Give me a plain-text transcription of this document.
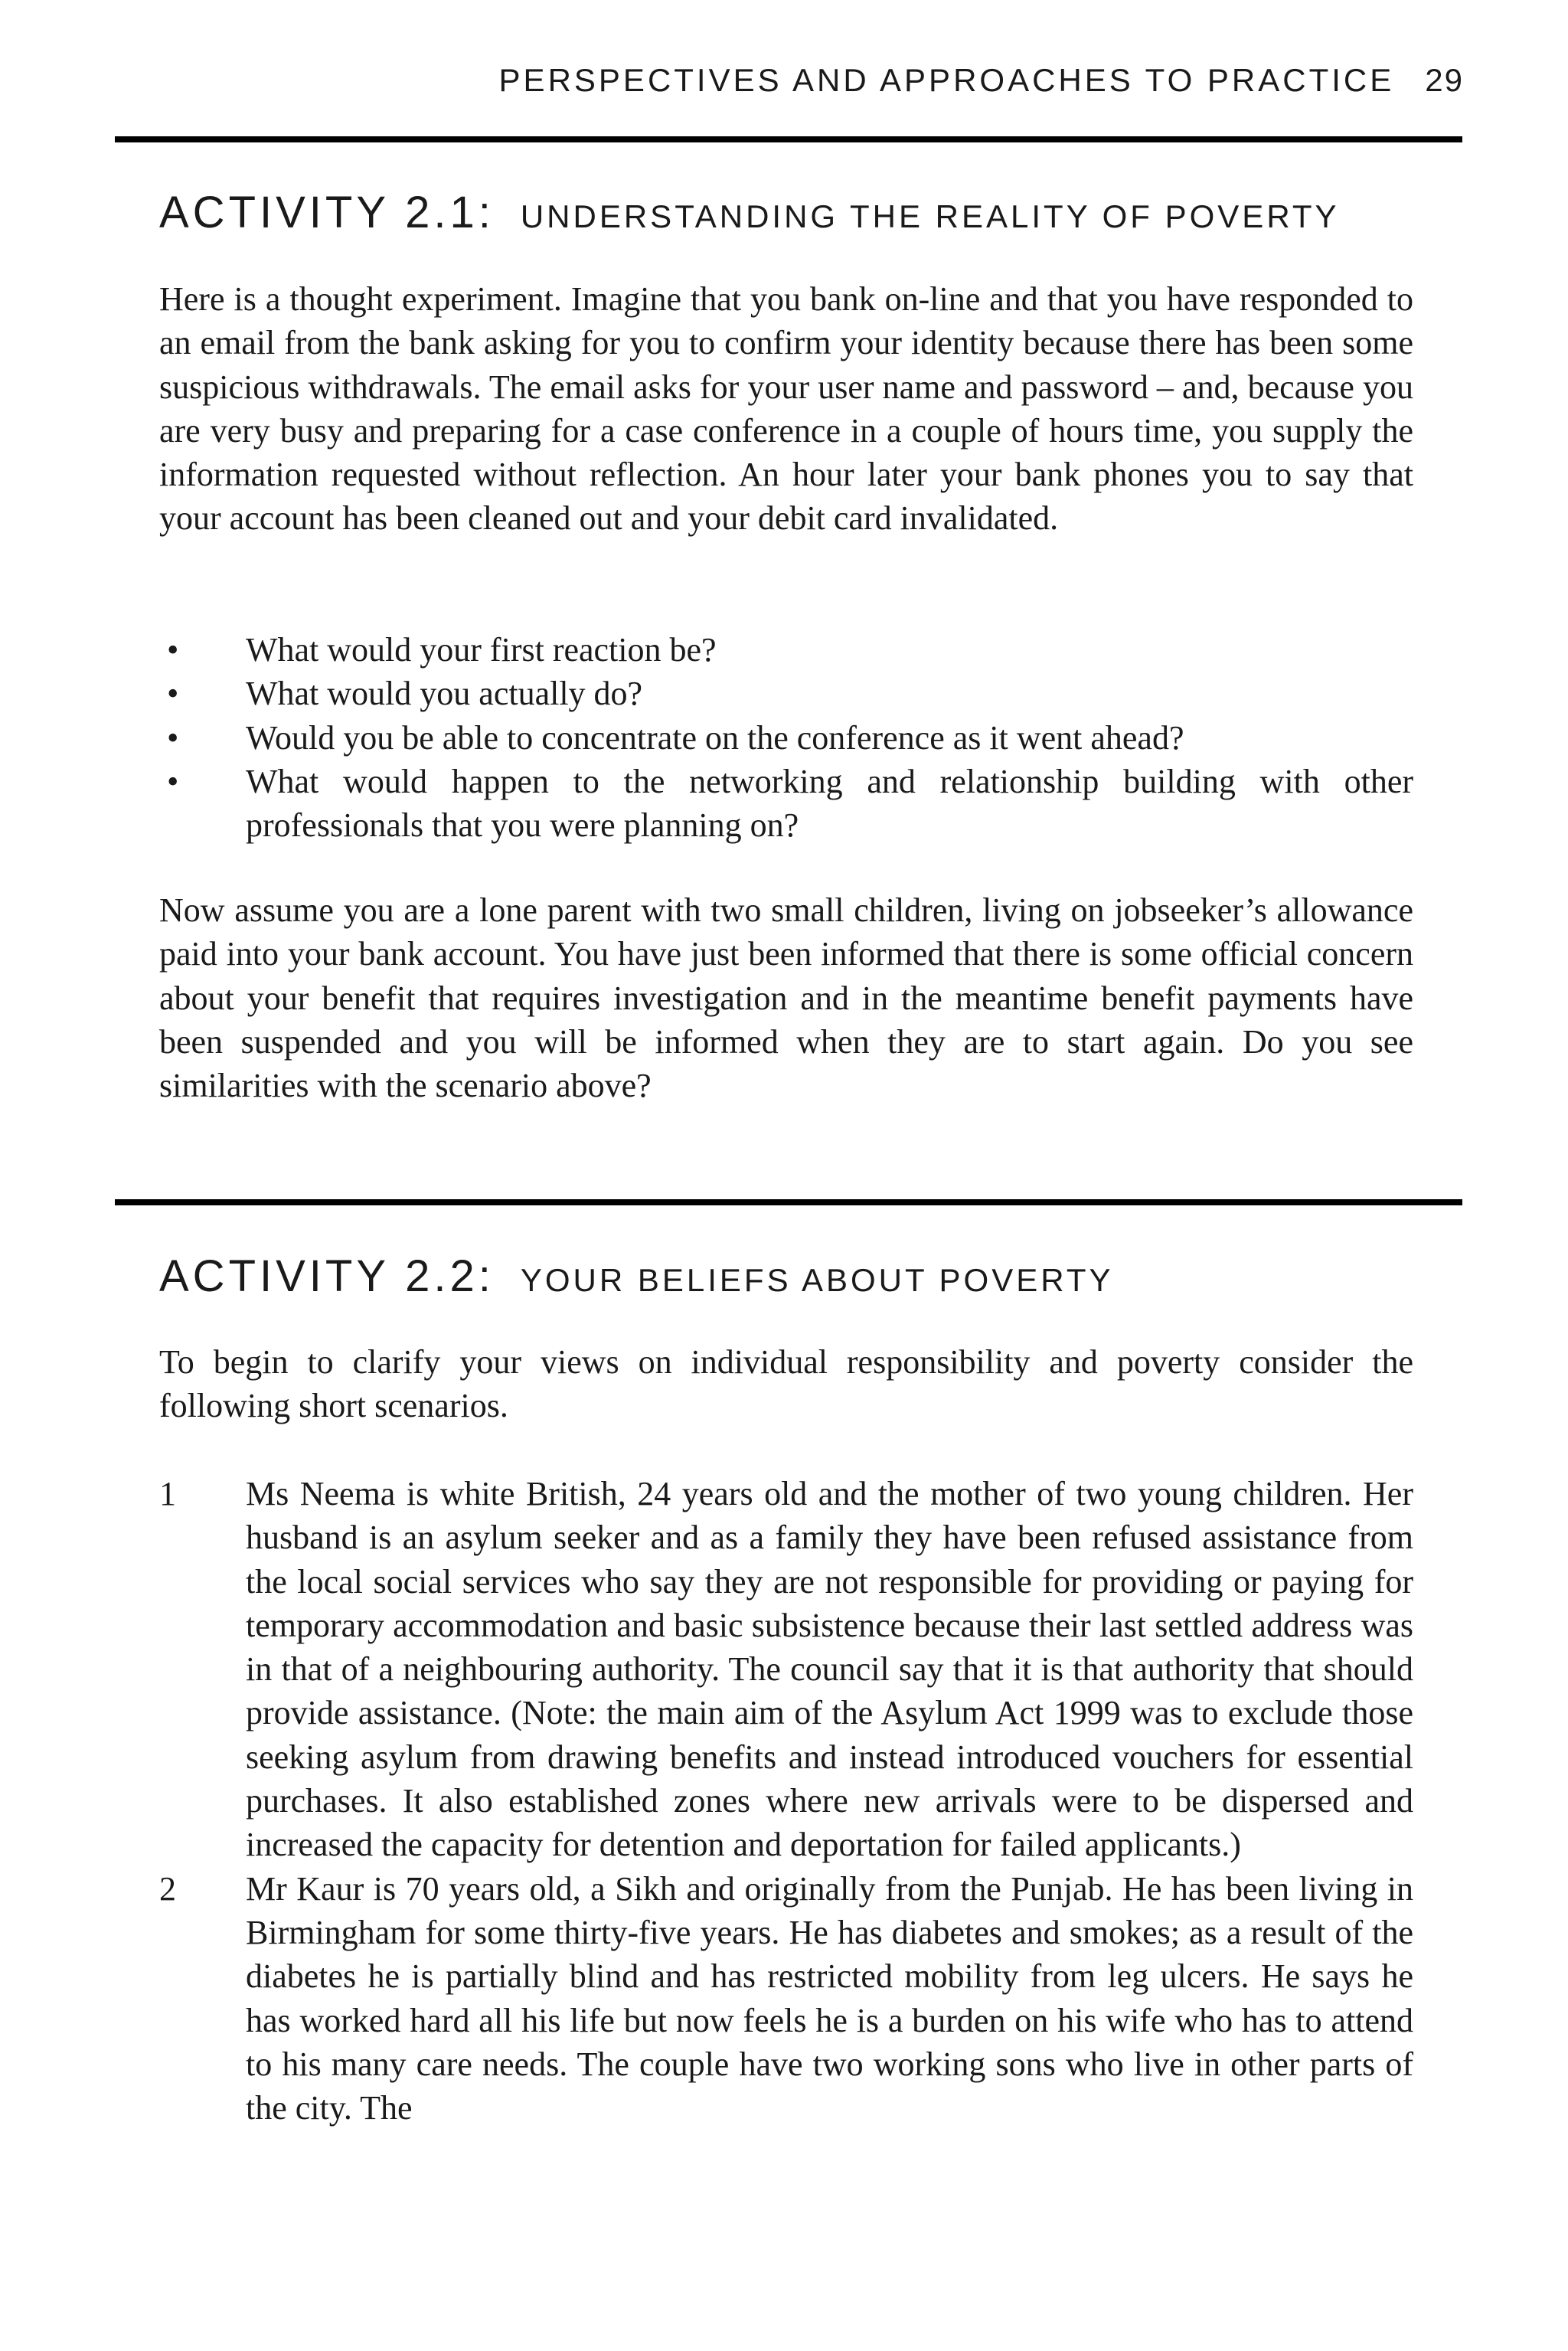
PERSPECTIVES AND APPROACHES TO PRACTICE 29
ACTIVITY 2.1: UNDERSTANDING THE REALITY OF POVERTY

Here is a thought experiment. Imagine that you bank on-line and that you have responded to an email from the bank asking for you to confirm your identity because there has been some suspicious withdrawals. The email asks for your user name and password – and, because you are very busy and preparing for a case conference in a couple of hours time, you supply the information requested without reflection. An hour later your bank phones you to say that your account has been cleaned out and your debit card invalidated.

• What would your first reaction be?
• What would you actually do?
• Would you be able to concentrate on the conference as it went ahead?
• What would happen to the networking and relationship building with other professionals that you were planning on?

Now assume you are a lone parent with two small children, living on jobseeker’s allowance paid into your bank account. You have just been informed that there is some official concern about your benefit that requires investigation and in the meantime benefit payments have been suspended and you will be informed when they are to start again. Do you see similarities with the scenario above?

ACTIVITY 2.2: YOUR BELIEFS ABOUT POVERTY

To begin to clarify your views on individual responsibility and poverty consider the following short scenarios.

1 Ms Neema is white British, 24 years old and the mother of two young children. Her husband is an asylum seeker and as a family they have been refused assistance from the local social services who say they are not responsible for providing or paying for temporary accommodation and basic subsistence because their last settled address was in that of a neighbouring authority. The council say that it is that authority that should provide assistance. (Note: the main aim of the Asylum Act 1999 was to exclude those seeking asylum from drawing benefits and instead introduced vouchers for essential purchases. It also established zones where new arrivals were to be dispersed and increased the capacity for detention and deportation for failed applicants.)
2 Mr Kaur is 70 years old, a Sikh and originally from the Punjab. He has been living in Birmingham for some thirty-five years. He has diabetes and smokes; as a result of the diabetes he is partially blind and has restricted mobility from leg ulcers. He says he has worked hard all his life but now feels he is a burden on his wife who has to attend to his many care needs. The couple have two working sons who live in other parts of the city. The
